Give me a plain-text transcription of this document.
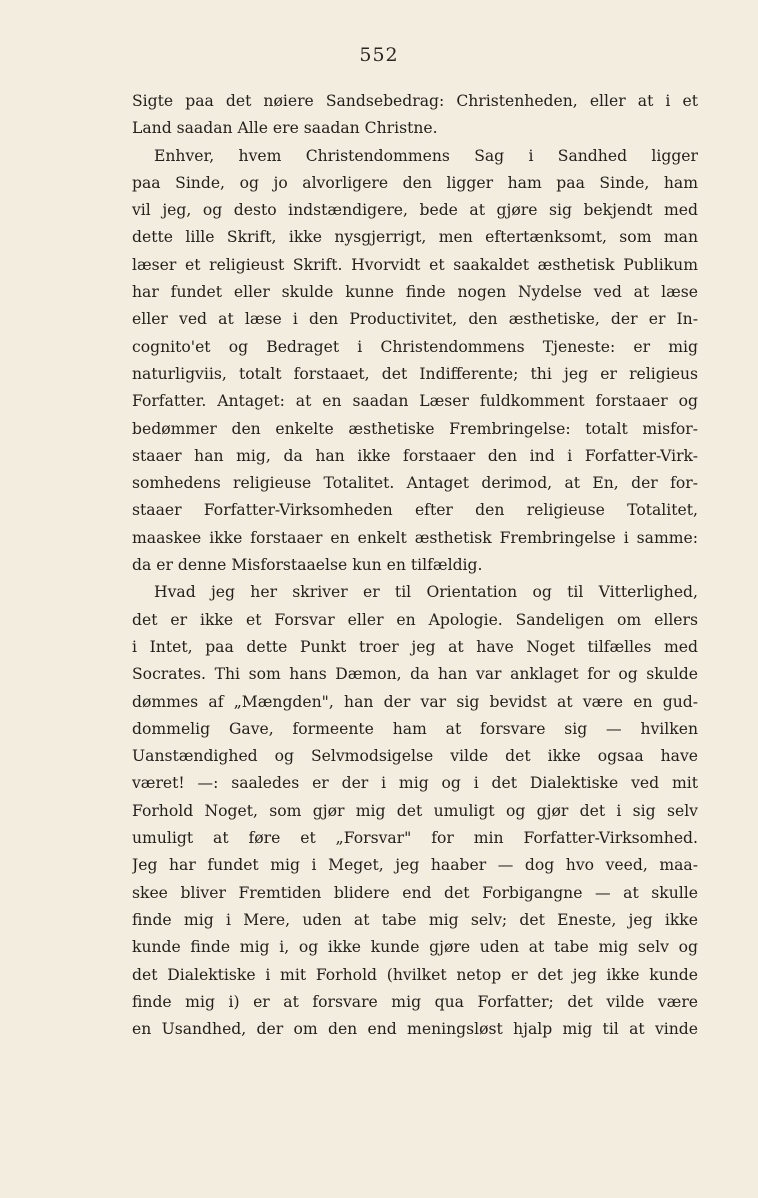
552
Sigte paa det nøiere Sandsebedrag: Christenheden, eller at i et
Land saadan Alle ere saadan Christne.
Enhver, hvem Christendommens Sag i Sandhed ligger
paa Sinde, og jo alvorligere den ligger ham paa Sinde, ham
vil jeg, og desto indstændigere, bede at gjøre sig bekjendt med
dette lille Skrift, ikke nysgjerrigt, men eftertænksomt, som man
læser et religieust Skrift. Hvorvidt et saakaldet æsthetisk Publikum
har fundet eller skulde kunne finde nogen Nydelse ved at læse
eller ved at læse i den Productivitet, den æsthetiske, der er In-
cognito'et og Bedraget i Christendommens Tjeneste: er mig
naturligviis, totalt forstaaet, det Indifferente; thi jeg er religieus
Forfatter. Antaget: at en saadan Læser fuldkomment forstaaer og
bedømmer den enkelte æsthetiske Frembringelse: totalt misfor-
staaer han mig, da han ikke forstaaer den ind i Forfatter-Virk-
somhedens religieuse Totalitet. Antaget derimod, at En, der for-
staaer Forfatter-Virksomheden efter den religieuse Totalitet,
maaskee ikke forstaaer en enkelt æsthetisk Frembringelse i samme:
da er denne Misforstaaelse kun en tilfældig.
Hvad jeg her skriver er til Orientation og til Vitterlighed,
det er ikke et Forsvar eller en Apologie. Sandeligen om ellers
i Intet, paa dette Punkt troer jeg at have Noget tilfælles med
Socrates. Thi som hans Dæmon, da han var anklaget for og skulde
dømmes af „Mængden", han der var sig bevidst at være en gud-
dommelig Gave, formeente ham at forsvare sig — hvilken
Uanstændighed og Selvmodsigelse vilde det ikke ogsaa have
været! —: saaledes er der i mig og i det Dialektiske ved mit
Forhold Noget, som gjør mig det umuligt og gjør det i sig selv
umuligt at føre et „Forsvar" for min Forfatter-Virksomhed.
Jeg har fundet mig i Meget, jeg haaber — dog hvo veed, maa-
skee bliver Fremtiden blidere end det Forbigangne — at skulle
finde mig i Mere, uden at tabe mig selv; det Eneste, jeg ikke
kunde finde mig i, og ikke kunde gjøre uden at tabe mig selv og
det Dialektiske i mit Forhold (hvilket netop er det jeg ikke kunde
finde mig i) er at forsvare mig qua Forfatter; det vilde være
en Usandhed, der om den end meningsløst hjalp mig til at vinde
